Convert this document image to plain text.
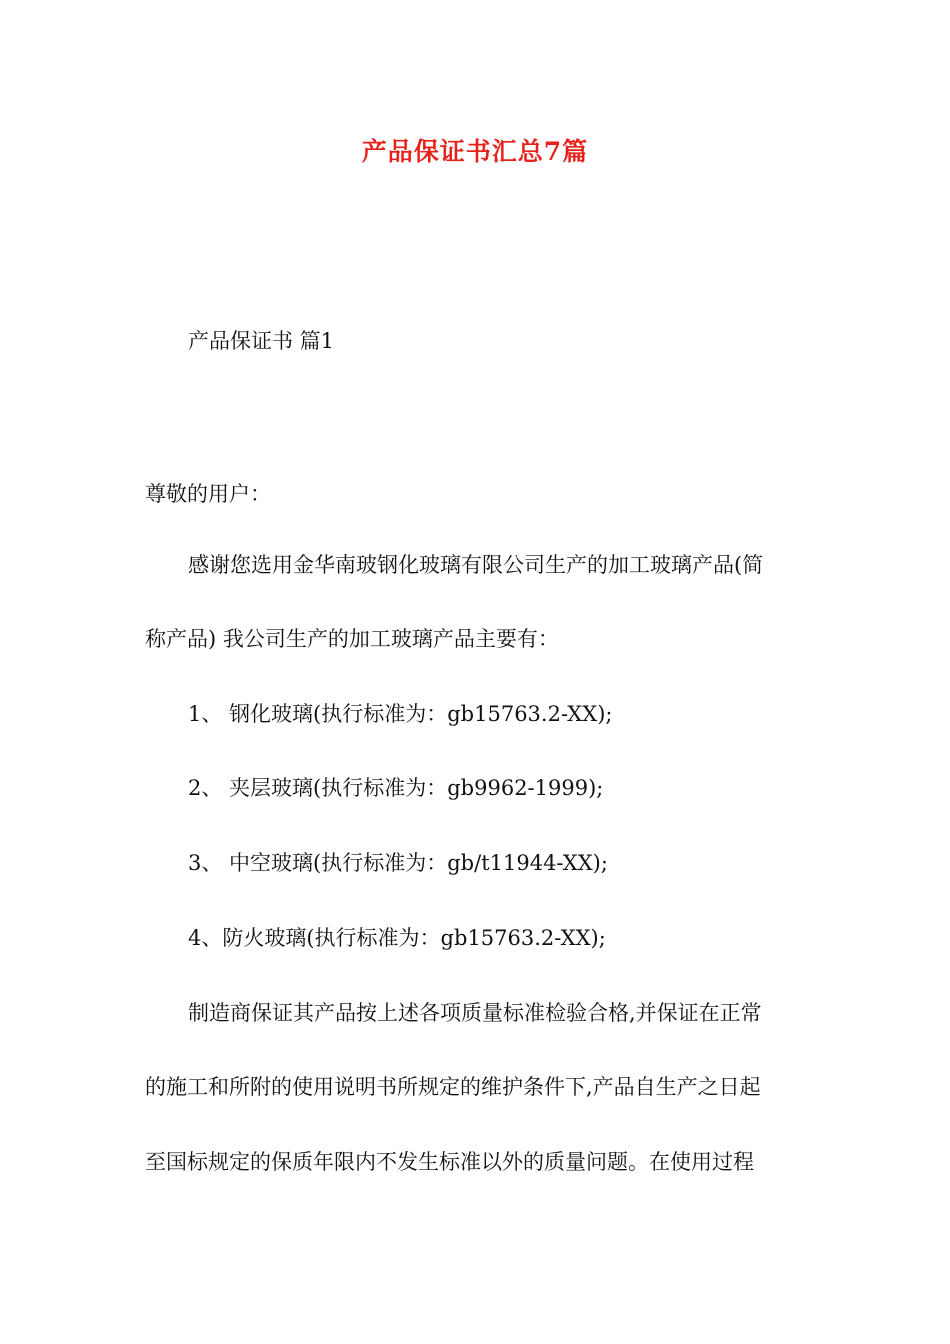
产品保证书汇总7篇
产品保证书 篇1
尊敬的用户：
感谢您选用金华南玻钢化玻璃有限公司生产的加工玻璃产品(简
称产品) 我公司生产的加工玻璃产品主要有：
1、 钢化玻璃(执行标准为：gb15763.2-XX);
2、 夹层玻璃(执行标准为：gb9962-1999);
3、 中空玻璃(执行标准为：gb/t11944-XX);
4、防火玻璃(执行标准为：gb15763.2-XX);
制造商保证其产品按上述各项质量标准检验合格,并保证在正常
的施工和所附的使用说明书所规定的维护条件下,产品自生产之日起
至国标规定的保质年限内不发生标准以外的质量问题。在使用过程
